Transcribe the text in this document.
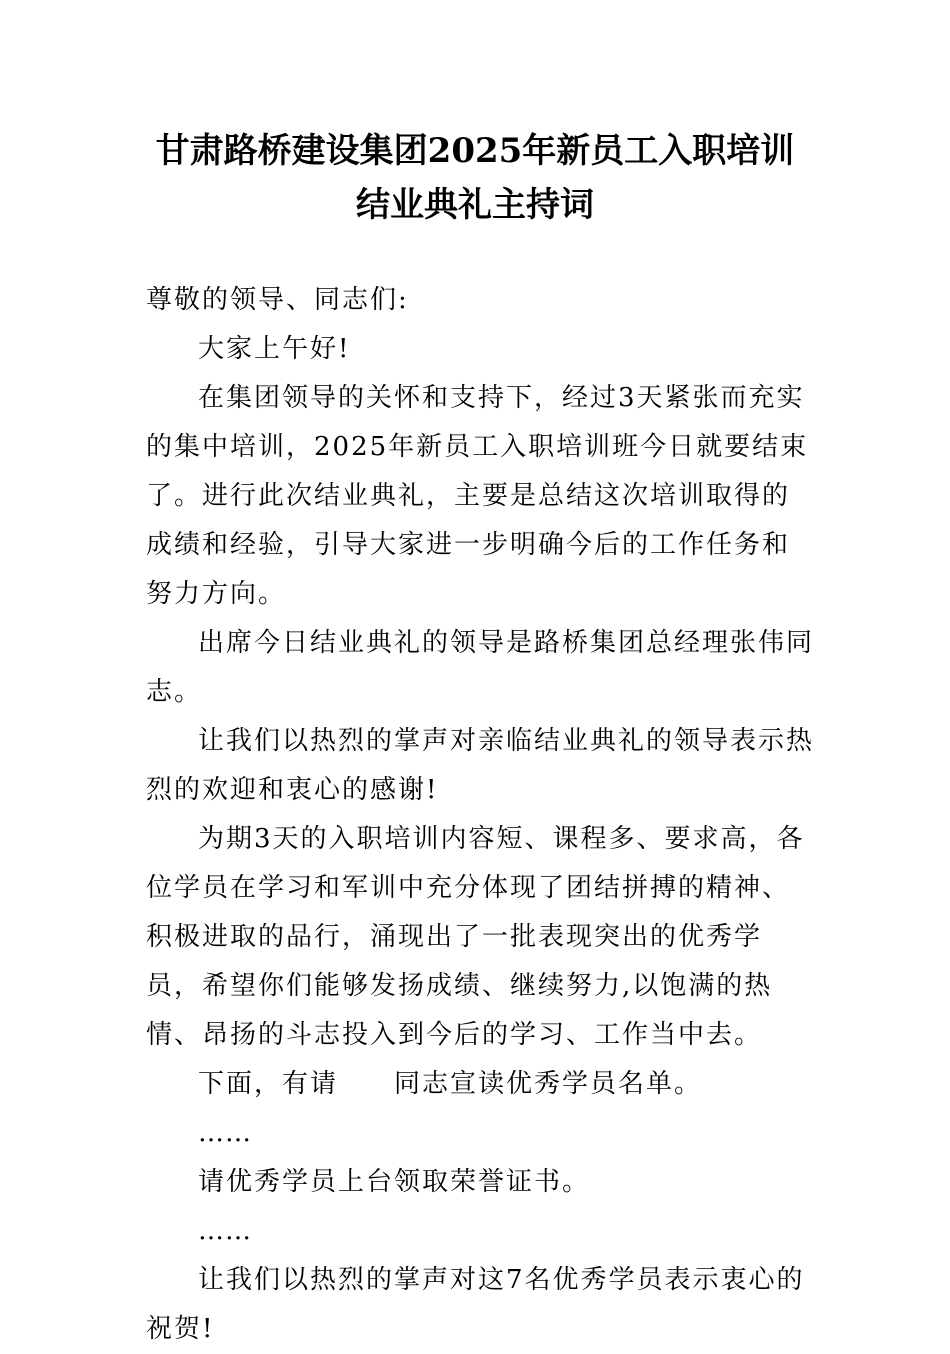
甘肃路桥建设集团2025年新员工入职培训
结业典礼主持词

尊敬的领导、同志们:

大家上午好!

在集团领导的关怀和支持下，经过3天紧张而充实的集中培训，2025年新员工入职培训班今日就要结束了。进行此次结业典礼，主要是总结这次培训取得的成绩和经验，引导大家进一步明确今后的工作任务和努力方向。

出席今日结业典礼的领导是路桥集团总经理张伟同志。

让我们以热烈的掌声对亲临结业典礼的领导表示热烈的欢迎和衷心的感谢!

为期3天的入职培训内容短、课程多、要求高，各位学员在学习和军训中充分体现了团结拼搏的精神、积极进取的品行，涌现出了一批表现突出的优秀学员，希望你们能够发扬成绩、继续努力,以饱满的热情、昂扬的斗志投入到今后的学习、工作当中去。

下面，有请 同志宣读优秀学员名单。

……

请优秀学员上台领取荣誉证书。

……

让我们以热烈的掌声对这7名优秀学员表示衷心的祝贺!
